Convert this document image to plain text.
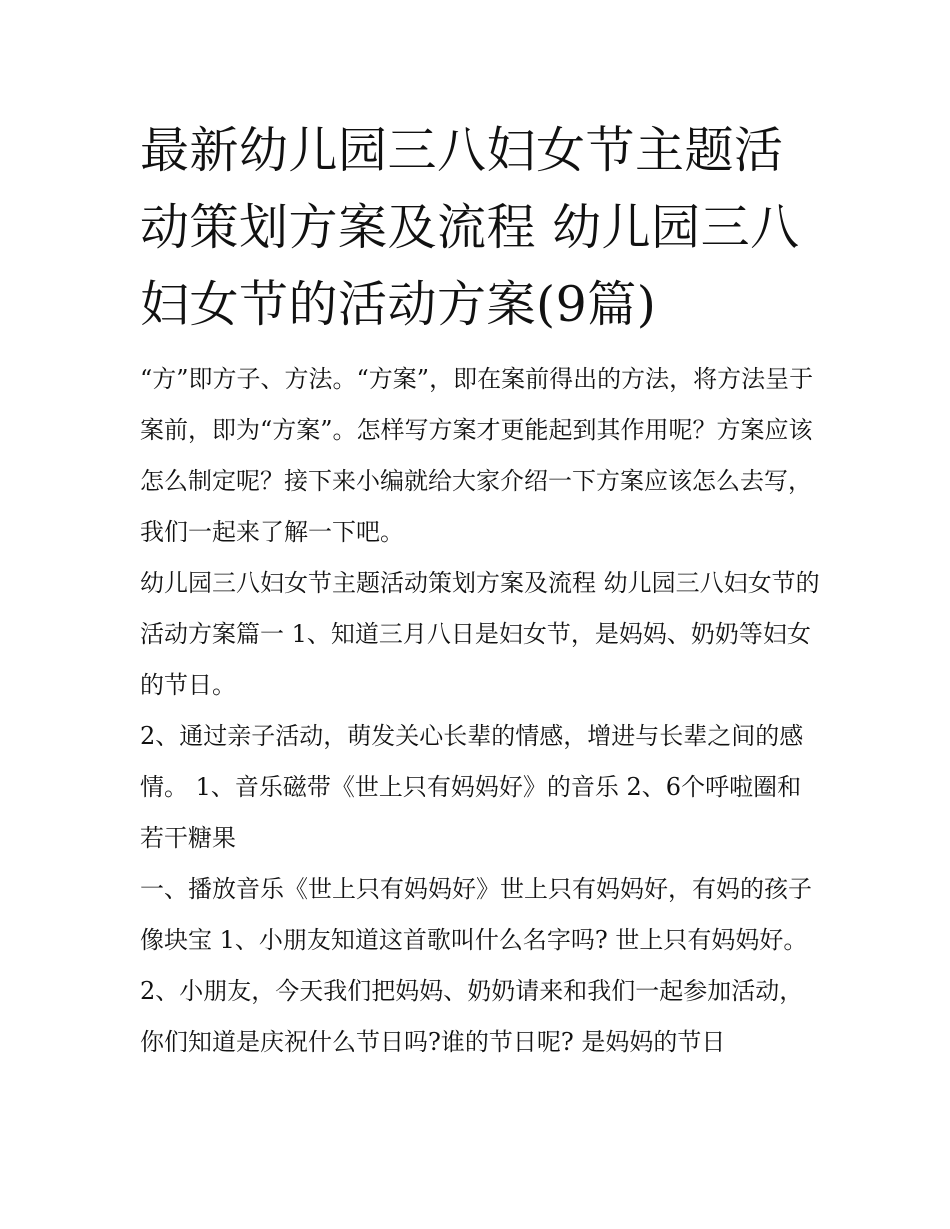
最新幼儿园三八妇女节主题活动策划方案及流程 幼儿园三八妇女节的活动方案(9篇)

“方”即方子、方法。“方案”，即在案前得出的方法，将方法呈于案前，即为“方案”。怎样写方案才更能起到其作用呢？方案应该怎么制定呢？接下来小编就给大家介绍一下方案应该怎么去写，我们一起来了解一下吧。

幼儿园三八妇女节主题活动策划方案及流程 幼儿园三八妇女节的活动方案篇一 1、知道三月八日是妇女节，是妈妈、奶奶等妇女的节日。

2、通过亲子活动，萌发关心长辈的情感，增进与长辈之间的感情。 1、音乐磁带《世上只有妈妈好》的音乐 2、6个呼啦圈和若干糖果

一、播放音乐《世上只有妈妈好》世上只有妈妈好，有妈的孩子像块宝 1、小朋友知道这首歌叫什么名字吗? 世上只有妈妈好。

2、小朋友，今天我们把妈妈、奶奶请来和我们一起参加活动，你们知道是庆祝什么节日吗?谁的节日呢? 是妈妈的节日
